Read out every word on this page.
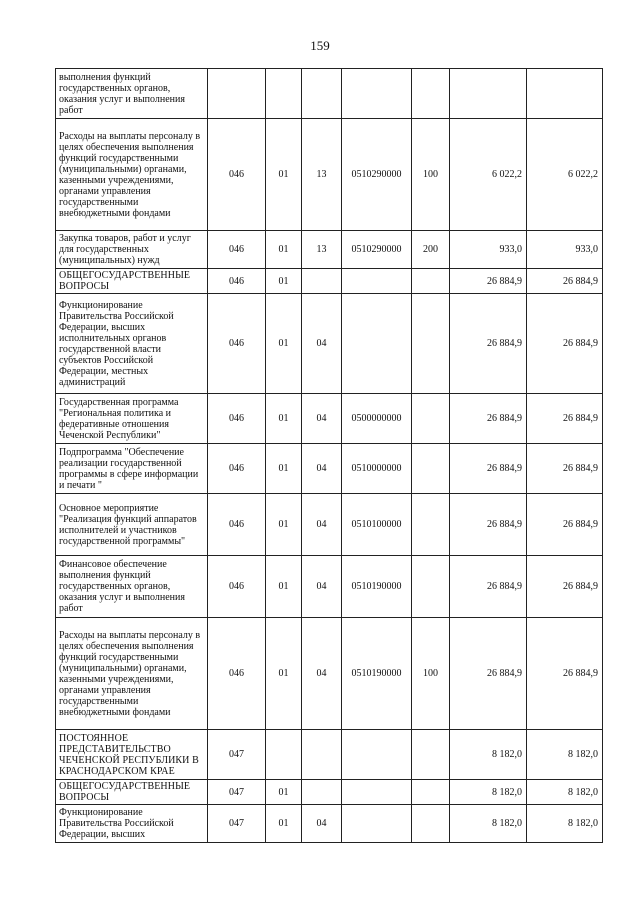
159
выполнения функций государственных органов, оказания услуг и выполнения работ							
Расходы на выплаты персоналу в целях обеспечения выполнения функций государственными (муниципальными) органами, казенными учреждениями, органами управления государственными внебюджетными фондами	046	01	13	0510290000	100	6 022,2	6 022,2
Закупка товаров, работ и услуг для государственных (муниципальных) нужд	046	01	13	0510290000	200	933,0	933,0
ОБЩЕГОСУДАРСТВЕННЫЕ ВОПРОСЫ	046	01				26 884,9	26 884,9
Функционирование Правительства Российской Федерации, высших исполнительных органов государственной власти субъектов Российской Федерации, местных администраций	046	01	04			26 884,9	26 884,9
Государственная программа "Региональная политика и федеративные отношения Чеченской Республики"	046	01	04	0500000000		26 884,9	26 884,9
Подпрограмма "Обеспечение реализации государственной программы в сфере информации и печати "	046	01	04	0510000000		26 884,9	26 884,9
Основное мероприятие "Реализация функций аппаратов исполнителей и участников государственной программы"	046	01	04	0510100000		26 884,9	26 884,9
Финансовое обеспечение выполнения функций государственных органов, оказания услуг и выполнения работ	046	01	04	0510190000		26 884,9	26 884,9
Расходы на выплаты персоналу в целях обеспечения выполнения функций государственными (муниципальными) органами, казенными учреждениями, органами управления государственными внебюджетными фондами	046	01	04	0510190000	100	26 884,9	26 884,9
ПОСТОЯННОЕ ПРЕДСТАВИТЕЛЬСТВО ЧЕЧЕНСКОЙ РЕСПУБЛИКИ В КРАСНОДАРСКОМ КРАЕ	047					8 182,0	8 182,0
ОБЩЕГОСУДАРСТВЕННЫЕ ВОПРОСЫ	047	01				8 182,0	8 182,0
Функционирование Правительства Российской Федерации, высших	047	01	04			8 182,0	8 182,0
